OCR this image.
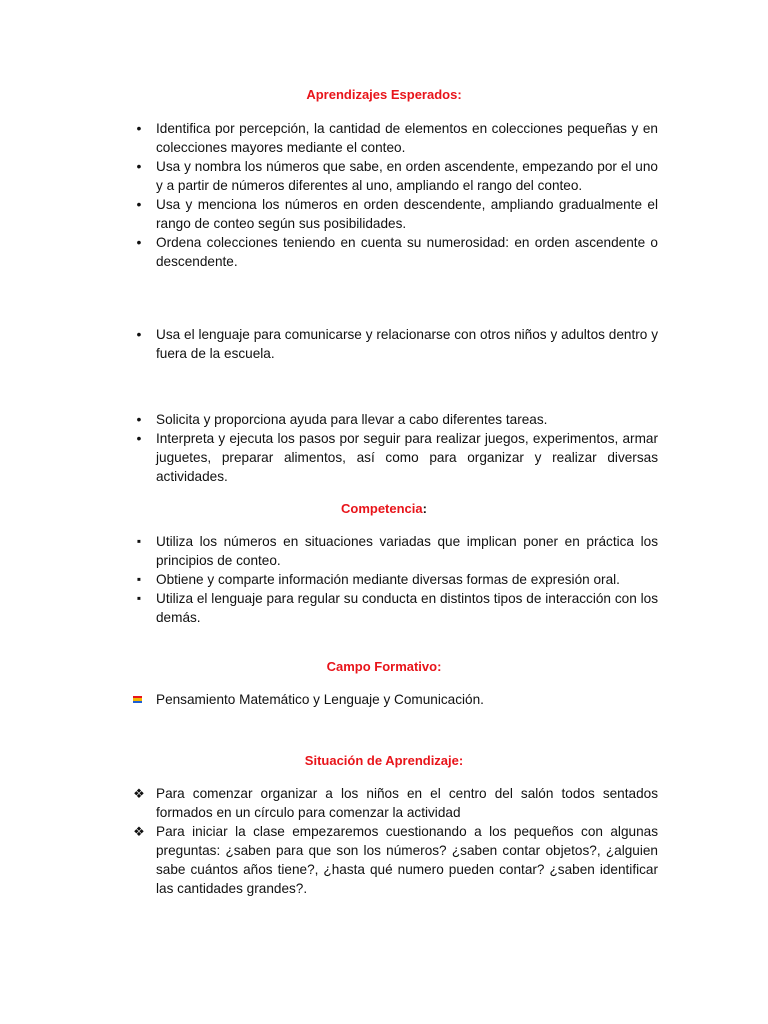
Aprendizajes Esperados:
•
Identifica por percepción, la cantidad de elementos en colecciones pequeñas y en colecciones mayores mediante el conteo.
•
Usa y nombra los números que sabe, en orden ascendente, empezando por el uno y a partir de números diferentes al uno, ampliando el rango del conteo.
•
Usa y menciona los números en orden descendente, ampliando gradualmente el rango de conteo según sus posibilidades.
•
Ordena colecciones teniendo en cuenta su numerosidad: en orden ascendente o descendente.
•
Usa el lenguaje para comunicarse y relacionarse con otros niños y adultos dentro y fuera de la escuela.
•
Solicita y proporciona ayuda para llevar a cabo diferentes tareas.
•
Interpreta y ejecuta los pasos por seguir para realizar juegos, experimentos, armar juguetes, preparar alimentos, así como para organizar y realizar diversas actividades.
Competencia:
▪
Utiliza los números en situaciones variadas que implican poner en práctica los principios de conteo.
▪
Obtiene y comparte información mediante diversas formas de expresión oral.
▪
Utiliza el lenguaje para regular su conducta en distintos tipos de interacción con los demás.
Campo Formativo:
Pensamiento Matemático y Lenguaje y Comunicación.
Situación de Aprendizaje:
❖
Para comenzar organizar a los niños en el centro del salón todos sentados formados en un círculo para comenzar la actividad
❖
Para iniciar la clase empezaremos cuestionando a los pequeños con algunas preguntas: ¿saben para que son los números? ¿saben contar objetos?, ¿alguien sabe cuántos años tiene?, ¿hasta qué numero pueden contar? ¿saben identificar las cantidades grandes?.
